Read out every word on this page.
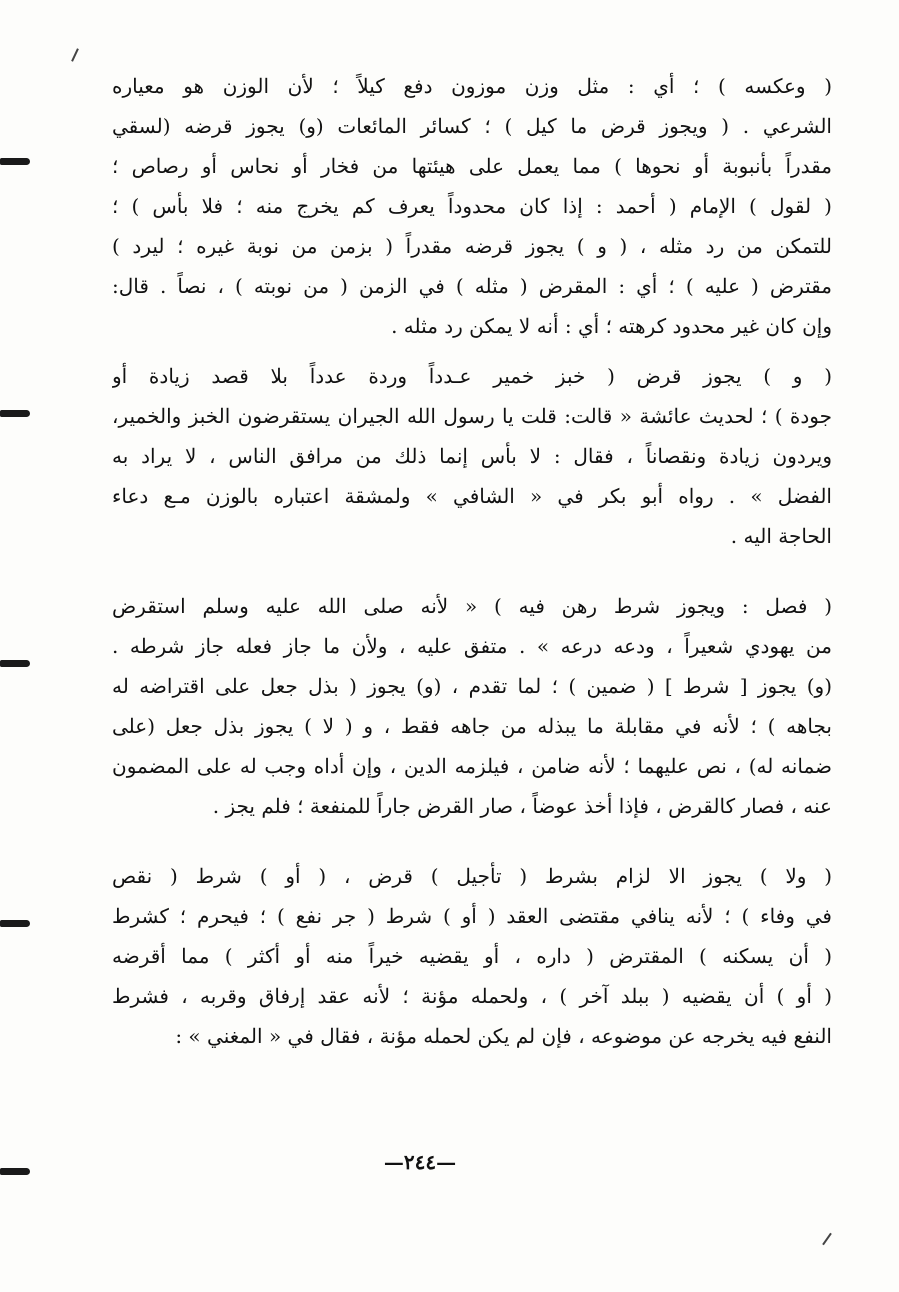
( وعكسه ) ؛ أي : مثل وزن موزون دفع كيلاً ؛ لأن الوزن هو معياره
الشرعي . ( ويجوز قرض ما كيل ) ؛ كسائر المائعات (و) يجوز قرضه (لسقي
مقدراً بأنبوبة أو نحوها ) مما يعمل على هيئتها من فخار أو نحاس أو رصاص ؛
( لقول ) الإمام ( أحمد : إذا كان محدوداً يعرف كم يخرج منه ؛ فلا بأس ) ؛
للتمكن من رد مثله ، ( و ) يجوز قرضه مقدراً ( بزمن من نوبة غيره ؛ ليرد )
مقترض ( عليه ) ؛ أي : المقرض ( مثله ) في الزمن ( من نوبته ) ، نصاً . قال:
وإن كان غير محدود كرهته ؛ أي : أنه لا يمكن رد مثله .
( و ) يجوز قرض ( خبز خمير عـدداً وردة عدداً بلا قصد زيادة أو
جودة ) ؛ لحديث عائشة « قالت: قلت يا رسول الله الجيران يستقرضون الخبز والخمير،
ويردون زيادة ونقصاناً ، فقال : لا بأس إنما ذلك من مرافق الناس ، لا يراد به
الفضل » . رواه أبو بكر في « الشافي » ولمشقة اعتباره بالوزن مـع دعاء
الحاجة اليه .
( فصل : ويجوز شرط رهن فيه ) « لأنه صلى الله عليه وسلم استقرض
من يهودي شعيراً ، ودعه درعه » . متفق عليه ، ولأن ما جاز فعله جاز شرطه .
(و) يجوز [ شرط ] ( ضمين ) ؛ لما تقدم ، (و) يجوز ( بذل جعل على اقتراضه له
بجاهه ) ؛ لأنه في مقابلة ما يبذله من جاهه فقط ، و ( لا ) يجوز بذل جعل (على
ضمانه له) ، نص عليهما ؛ لأنه ضامن ، فيلزمه الدين ، وإن أداه وجب له على المضمون
عنه ، فصار كالقرض ، فإذا أخذ عوضاً ، صار القرض جاراً للمنفعة ؛ فلم يجز .
( ولا ) يجوز الا لزام بشرط ( تأجيل ) قرض ، ( أو ) شرط ( نقص
في وفاء ) ؛ لأنه ينافي مقتضى العقد ( أو ) شرط ( جر نفع ) ؛ فيحرم ؛ كشرط
( أن يسكنه ) المقترض ( داره ، أو يقضيه خيراً منه أو أكثر ) مما أقرضه
( أو ) أن يقضيه ( ببلد آخر ) ، ولحمله مؤنة ؛ لأنه عقد إرفاق وقربه ، فشرط
النفع فيه يخرجه عن موضوعه ، فإن لم يكن لحمله مؤنة ، فقال في « المغني » :
—٢٤٤—
